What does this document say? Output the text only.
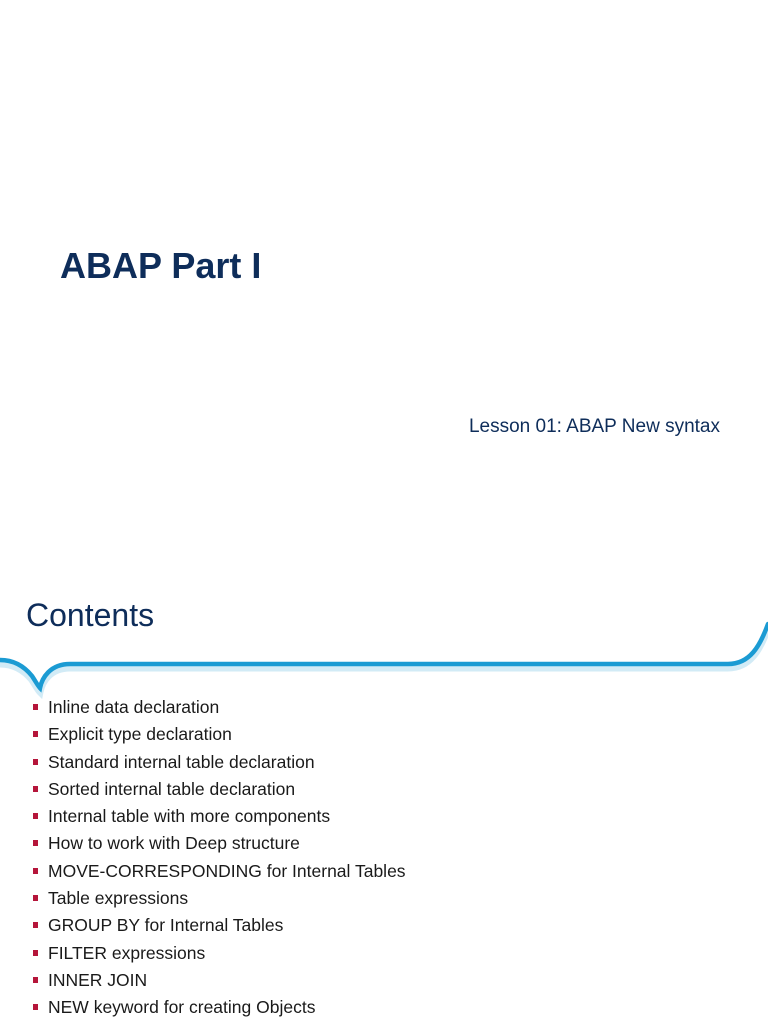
ABAP Part I
Lesson 01: ABAP New syntax
Contents
Inline data declaration
Explicit type declaration
Standard internal table declaration
Sorted internal table declaration
Internal table with more components
How to work with Deep structure
MOVE-CORRESPONDING for Internal Tables
Table expressions
GROUP BY for Internal Tables
FILTER expressions
INNER JOIN
NEW keyword for creating Objects
